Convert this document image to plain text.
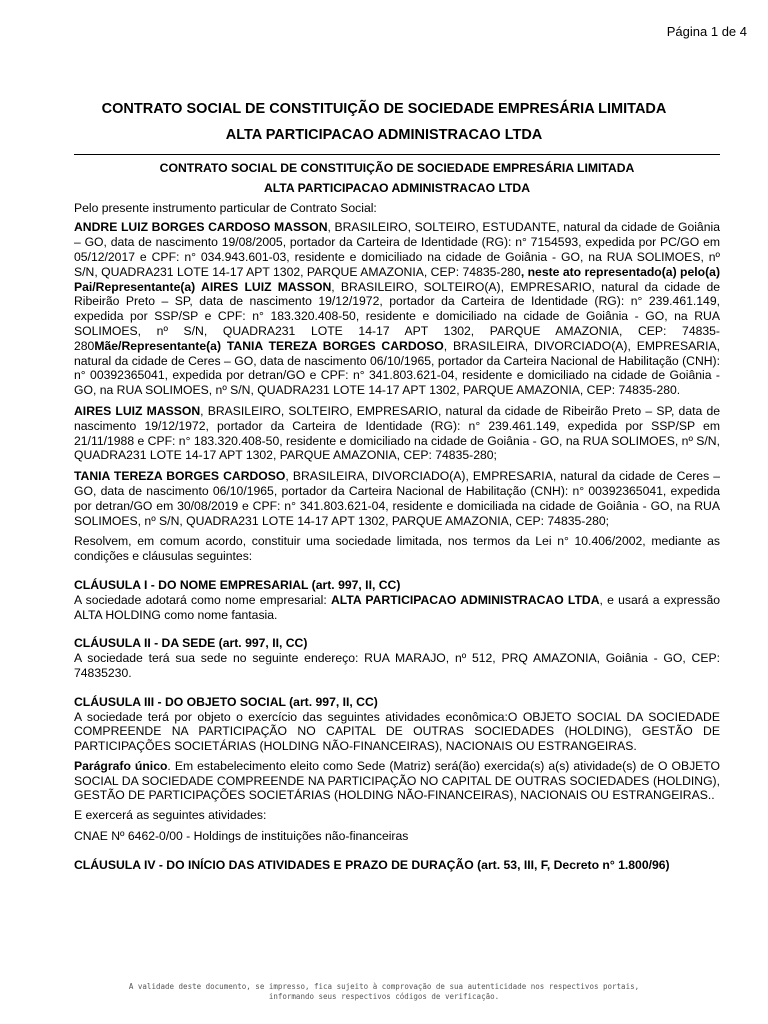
Página 1 de 4
CONTRATO SOCIAL DE CONSTITUIÇÃO DE SOCIEDADE EMPRESÁRIA LIMITADA
ALTA PARTICIPACAO ADMINISTRACAO LTDA

CONTRATO SOCIAL DE CONSTITUIÇÃO DE SOCIEDADE EMPRESÁRIA LIMITADA

ALTA PARTICIPACAO ADMINISTRACAO LTDA

Pelo presente instrumento particular de Contrato Social:

ANDRE LUIZ BORGES CARDOSO MASSON, BRASILEIRO, SOLTEIRO, ESTUDANTE, natural da cidade de Goiânia – GO, data de nascimento 19/08/2005, portador da Carteira de Identidade (RG): n° 7154593, expedida por PC/GO em 05/12/2017 e CPF: n° 034.943.601-03, residente e domiciliado na cidade de Goiânia - GO, na RUA SOLIMOES, nº S/N, QUADRA231 LOTE 14-17 APT 1302, PARQUE AMAZONIA, CEP: 74835-280, neste ato representado(a) pelo(a) Pai/Representante(a) AIRES LUIZ MASSON, BRASILEIRO, SOLTEIRO(A), EMPRESARIO, natural da cidade de Ribeirão Preto – SP, data de nascimento 19/12/1972, portador da Carteira de Identidade (RG): n° 239.461.149, expedida por SSP/SP e CPF: n° 183.320.408-50, residente e domiciliado na cidade de Goiânia - GO, na RUA SOLIMOES, nº S/N, QUADRA231 LOTE 14-17 APT 1302, PARQUE AMAZONIA, CEP: 74835-280Mãe/Representante(a) TANIA TEREZA BORGES CARDOSO, BRASILEIRA, DIVORCIADO(A), EMPRESARIA, natural da cidade de Ceres – GO, data de nascimento 06/10/1965, portador da Carteira Nacional de Habilitação (CNH): n° 00392365041, expedida por detran/GO e CPF: n° 341.803.621-04, residente e domiciliado na cidade de Goiânia - GO, na RUA SOLIMOES, nº S/N, QUADRA231 LOTE 14-17 APT 1302, PARQUE AMAZONIA, CEP: 74835-280.

AIRES LUIZ MASSON, BRASILEIRO, SOLTEIRO, EMPRESARIO, natural da cidade de Ribeirão Preto – SP, data de nascimento 19/12/1972, portador da Carteira de Identidade (RG): n° 239.461.149, expedida por SSP/SP em 21/11/1988 e CPF: n° 183.320.408-50, residente e domiciliado na cidade de Goiânia - GO, na RUA SOLIMOES, nº S/N, QUADRA231 LOTE 14-17 APT 1302, PARQUE AMAZONIA, CEP: 74835-280;

TANIA TEREZA BORGES CARDOSO, BRASILEIRA, DIVORCIADO(A), EMPRESARIA, natural da cidade de Ceres – GO, data de nascimento 06/10/1965, portador da Carteira Nacional de Habilitação (CNH): n° 00392365041, expedida por detran/GO em 30/08/2019 e CPF: n° 341.803.621-04, residente e domiciliada na cidade de Goiânia - GO, na RUA SOLIMOES, nº S/N, QUADRA231 LOTE 14-17 APT 1302, PARQUE AMAZONIA, CEP: 74835-280;

Resolvem, em comum acordo, constituir uma sociedade limitada, nos termos da Lei n° 10.406/2002, mediante as condições e cláusulas seguintes:

CLÁUSULA I - DO NOME EMPRESARIAL (art. 997, II, CC)

A sociedade adotará como nome empresarial: ALTA PARTICIPACAO ADMINISTRACAO LTDA, e usará a expressão ALTA HOLDING como nome fantasia.

CLÁUSULA II - DA SEDE (art. 997, II, CC)

A sociedade terá sua sede no seguinte endereço: RUA MARAJO, nº 512, PRQ AMAZONIA, Goiânia - GO, CEP: 74835230.

CLÁUSULA III - DO OBJETO SOCIAL (art. 997, II, CC)

A sociedade terá por objeto o exercício das seguintes atividades econômica:O OBJETO SOCIAL DA SOCIEDADE COMPREENDE NA PARTICIPAÇÃO NO CAPITAL DE OUTRAS SOCIEDADES (HOLDING), GESTÃO DE PARTICIPAÇÕES SOCIETÁRIAS (HOLDING NÃO-FINANCEIRAS), NACIONAIS OU ESTRANGEIRAS.

Parágrafo único. Em estabelecimento eleito como Sede (Matriz) será(ão) exercida(s) a(s) atividade(s) de O OBJETO SOCIAL DA SOCIEDADE COMPREENDE NA PARTICIPAÇÃO NO CAPITAL DE OUTRAS SOCIEDADES (HOLDING), GESTÃO DE PARTICIPAÇÕES SOCIETÁRIAS (HOLDING NÃO-FINANCEIRAS), NACIONAIS OU ESTRANGEIRAS..

E exercerá as seguintes atividades:

CNAE Nº 6462-0/00 - Holdings de instituições não-financeiras

CLÁUSULA IV - DO INÍCIO DAS ATIVIDADES E PRAZO DE DURAÇÃO (art. 53, III, F, Decreto n° 1.800/96)

A validade deste documento, se impresso, fica sujeito à comprovação de sua autenticidade nos respectivos portais,
informando seus respectivos códigos de verificação.
